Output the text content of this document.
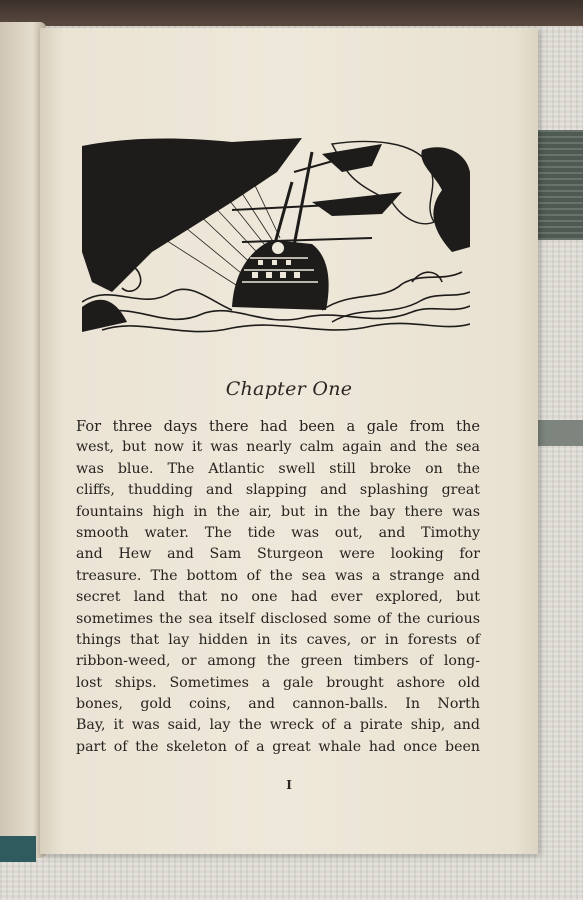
Chapter One
For three days there had been a gale from the
west, but now it was nearly calm again and the sea
was blue. The Atlantic swell still broke on the
cliffs, thudding and slapping and splashing great
fountains high in the air, but in the bay there was
smooth water. The tide was out, and Timothy
and Hew and Sam Sturgeon were looking for
treasure. The bottom of the sea was a strange and
secret land that no one had ever explored, but
sometimes the sea itself disclosed some of the curious
things that lay hidden in its caves, or in forests of
ribbon-weed, or among the green timbers of long-
lost ships. Sometimes a gale brought ashore old
bones, gold coins, and cannon-balls. In North
Bay, it was said, lay the wreck of a pirate ship, and
part of the skeleton of a great whale had once been
I
